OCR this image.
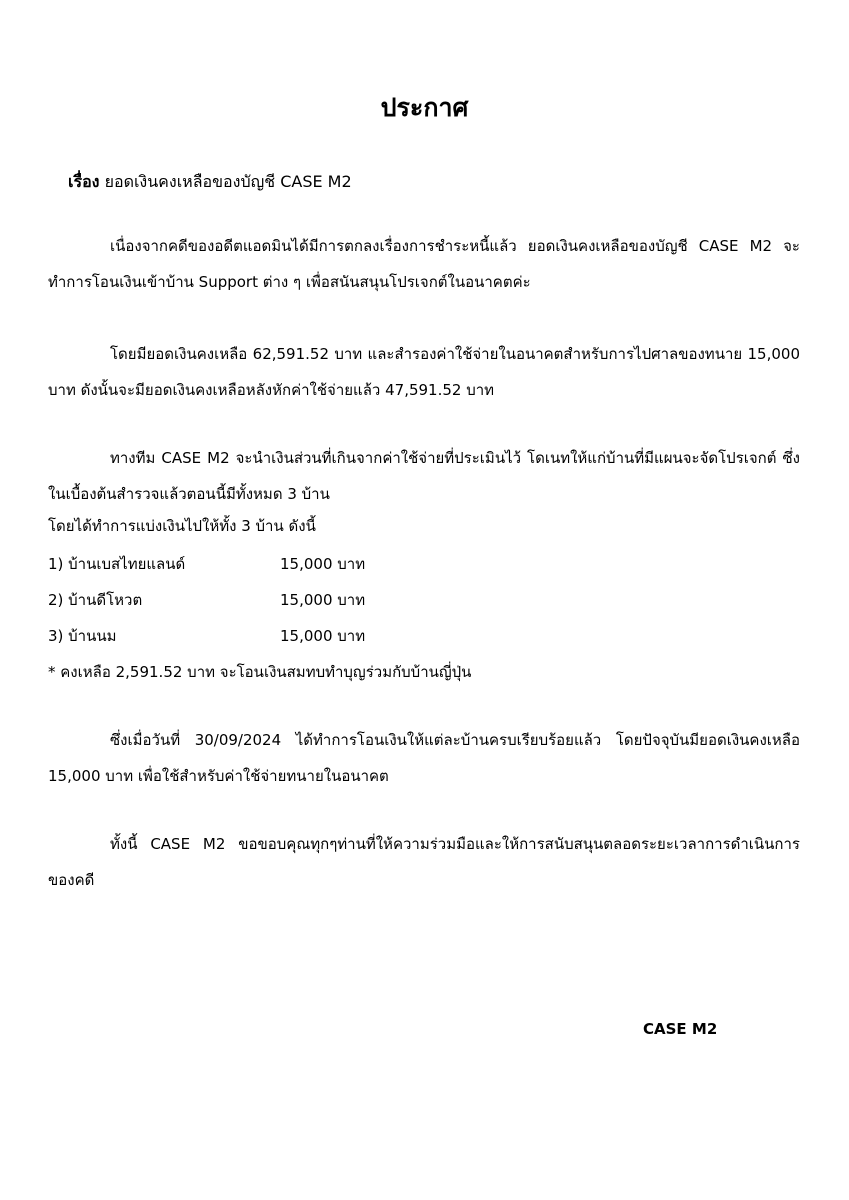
ประกาศ
เรื่อง ยอดเงินคงเหลือของบัญชี CASE M2
เนื่องจากคดีของอดีตแอดมินได้มีการตกลงเรื่องการชำระหนี้แล้ว ยอดเงินคงเหลือของบัญชี CASE M2 จะทำการโอนเงินเข้าบ้าน Support ต่าง ๆ เพื่อสนันสนุนโปรเจกต์ในอนาคตค่ะ
โดยมียอดเงินคงเหลือ 62,591.52 บาท และสำรองค่าใช้จ่ายในอนาคตสำหรับการไปศาลของทนาย 15,000 บาท ดังนั้นจะมียอดเงินคงเหลือหลังหักค่าใช้จ่ายแล้ว 47,591.52 บาท
ทางทีม CASE M2 จะนำเงินส่วนที่เกินจากค่าใช้จ่ายที่ประเมินไว้ โดเนทให้แก่บ้านที่มีแผนจะจัดโปรเจกต์ ซึ่งในเบื้องต้นสำรวจแล้วตอนนี้มีทั้งหมด 3 บ้าน
โดยได้ทำการแบ่งเงินไปให้ทั้ง 3 บ้าน ดังนี้
1) บ้านเบสไทยแลนด์	15,000 บาท
2) บ้านดีโหวต	15,000 บาท
3) บ้านนม	15,000 บาท
* คงเหลือ 2,591.52 บาท จะโอนเงินสมทบทำบุญร่วมกับบ้านญี่ปุ่น
ซึ่งเมื่อวันที่ 30/09/2024 ได้ทำการโอนเงินให้แต่ละบ้านครบเรียบร้อยแล้ว โดยปัจจุบันมียอดเงินคงเหลือ 15,000 บาท เพื่อใช้สำหรับค่าใช้จ่ายทนายในอนาคต
ทั้งนี้ CASE M2 ขอขอบคุณทุกๆท่านที่ให้ความร่วมมือและให้การสนับสนุนตลอดระยะเวลาการดำเนินการของคดี
CASE M2
